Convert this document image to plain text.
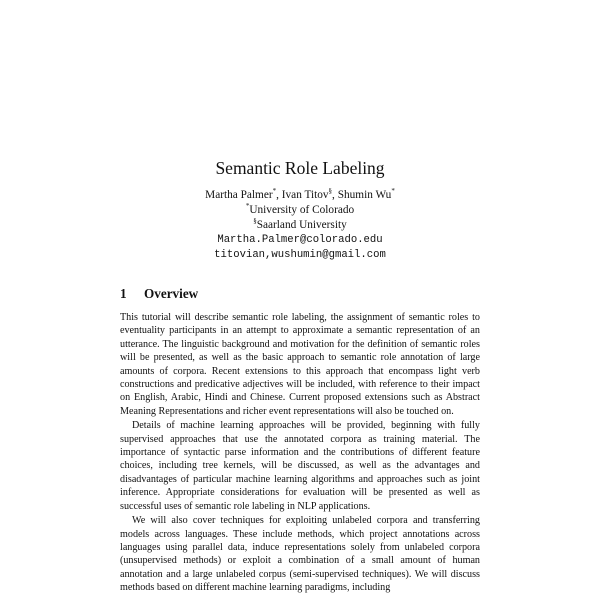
Semantic Role Labeling
Martha Palmer*, Ivan Titov§, Shumin Wu*
*University of Colorado
§Saarland University
Martha.Palmer@colorado.edu
titovian,wushumin@gmail.com
1 Overview

This tutorial will describe semantic role labeling, the assignment of semantic roles to eventuality participants in an attempt to approximate a semantic representation of an utterance. The linguistic background and motivation for the definition of semantic roles will be presented, as well as the basic approach to semantic role annotation of large amounts of corpora. Recent extensions to this approach that encompass light verb constructions and predicative adjectives will be included, with reference to their impact on English, Arabic, Hindi and Chinese. Current proposed extensions such as Abstract Meaning Representations and richer event representations will also be touched on.

Details of machine learning approaches will be provided, beginning with fully supervised approaches that use the annotated corpora as training material. The importance of syntactic parse information and the contributions of different feature choices, including tree kernels, will be discussed, as well as the advantages and disadvantages of particular machine learning algorithms and approaches such as joint inference. Appropriate considerations for evaluation will be presented as well as successful uses of semantic role labeling in NLP applications.

We will also cover techniques for exploiting unlabeled corpora and transferring models across languages. These include methods, which project annotations across languages using parallel data, induce representations solely from unlabeled corpora (unsupervised methods) or exploit a combination of a small amount of human annotation and a large unlabeled corpus (semi-supervised techniques). We will discuss methods based on different machine learning paradigms, including
